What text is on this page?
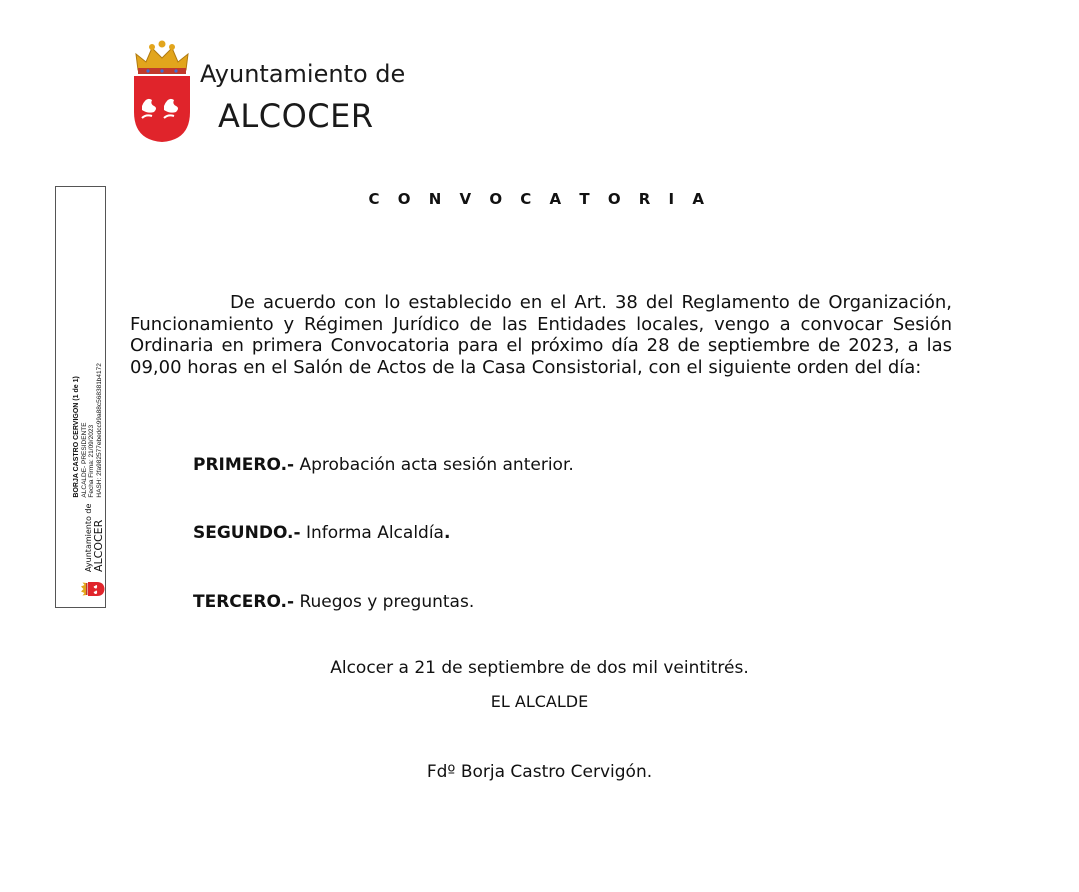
Ayuntamiento de
ALCOCER
Ayuntamiento de ALCOCER
BORJA CASTRO CERVIGON (1 de 1) ALCALDE- PRESIDENTE Fecha Firma: 21/09/2023 HASH: 2fa982577ebedcc99a88c568381b4172
C O N V O C A T O R I A
De acuerdo con lo establecido en el Art. 38 del Reglamento de Organización, Funcionamiento y Régimen Jurídico de las Entidades locales, vengo a convocar Sesión Ordinaria en primera Convocatoria para el próximo día 28 de septiembre de 2023, a las 09,00 horas en el Salón de Actos de la Casa Consistorial, con el siguiente orden del día:
PRIMERO.- Aprobación acta sesión anterior.
SEGUNDO.- Informa Alcaldía.
TERCERO.- Ruegos y preguntas.
Alcocer a 21 de septiembre de dos mil veintitrés.
EL ALCALDE
Fdº Borja Castro Cervigón.
